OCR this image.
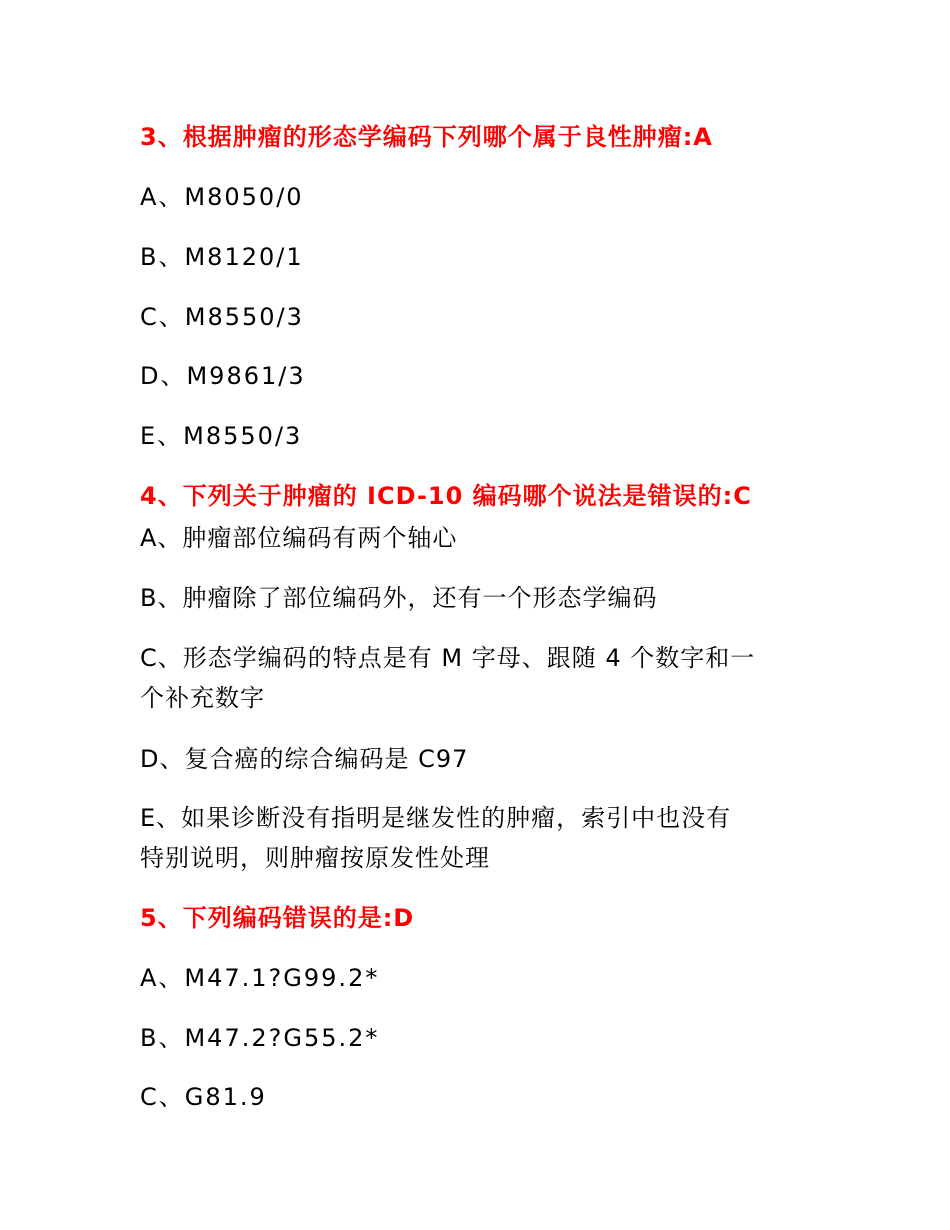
3、根据肿瘤的形态学编码下列哪个属于良性肿瘤:A
A、M8050/0
B、M8120/1
C、M8550/3
D、M9861/3
E、M8550/3
4、下列关于肿瘤的 ICD-10 编码哪个说法是错误的:C
A、肿瘤部位编码有两个轴心
B、肿瘤除了部位编码外，还有一个形态学编码
C、形态学编码的特点是有 M 字母、跟随 4 个数字和一
个补充数字
D、复合癌的综合编码是 C97
E、如果诊断没有指明是继发性的肿瘤，索引中也没有
特别说明，则肿瘤按原发性处理
5、下列编码错误的是:D
A、M47.1?G99.2*
B、M47.2?G55.2*
C、G81.9
